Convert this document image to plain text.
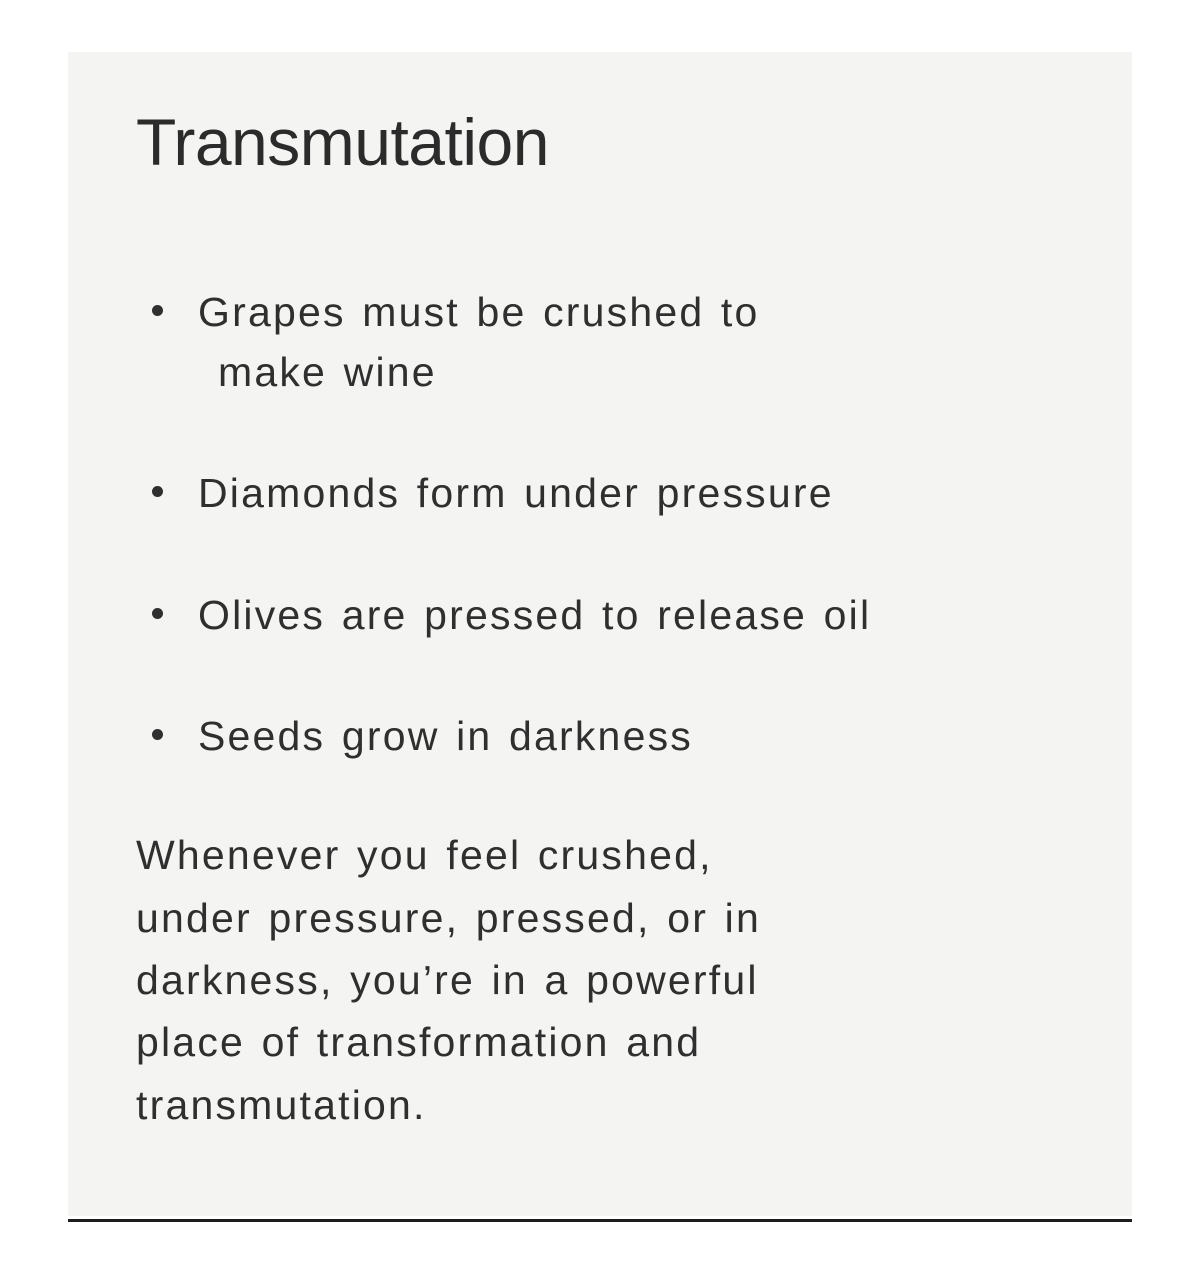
Transmutation
Grapes must be crushed to
make wine
Diamonds form under pressure
Olives are pressed to release oil
Seeds grow in darkness
Whenever you feel crushed,
under pressure, pressed, or in
darkness, you’re in a powerful
place of transformation and
transmutation.
